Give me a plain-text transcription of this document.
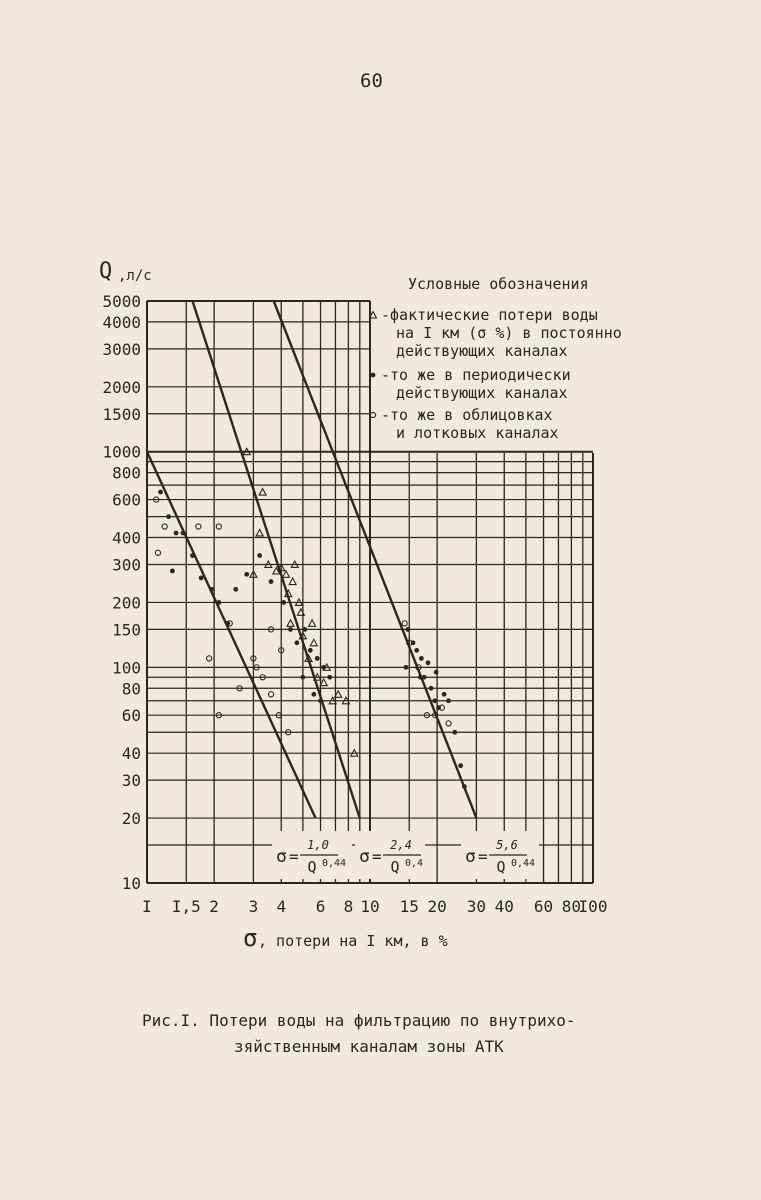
60
σ =
1,0
Q 0,44 σ =
2,4
Q 0,4 σ =
5,6
Q 0,44
5000
4000
3000
2000
1500
1000
800
600
400
300
200
150
100
80
60
40
30
20
10
I I,5 2 3 4 6 8 10 15 20 30 40 60 80
I00
Q ,л/с
σ , потери на I км, в %
Условные обозначения
-фактические потери воды
на I км (σ %) в постоянно
действующих каналах
-то же в периодически
действующих каналах
-то же в облицовках
и лотковых каналах
Рис.I. Потери воды на фильтрацию по внутрихо-
зяйственным каналам зоны АТК
